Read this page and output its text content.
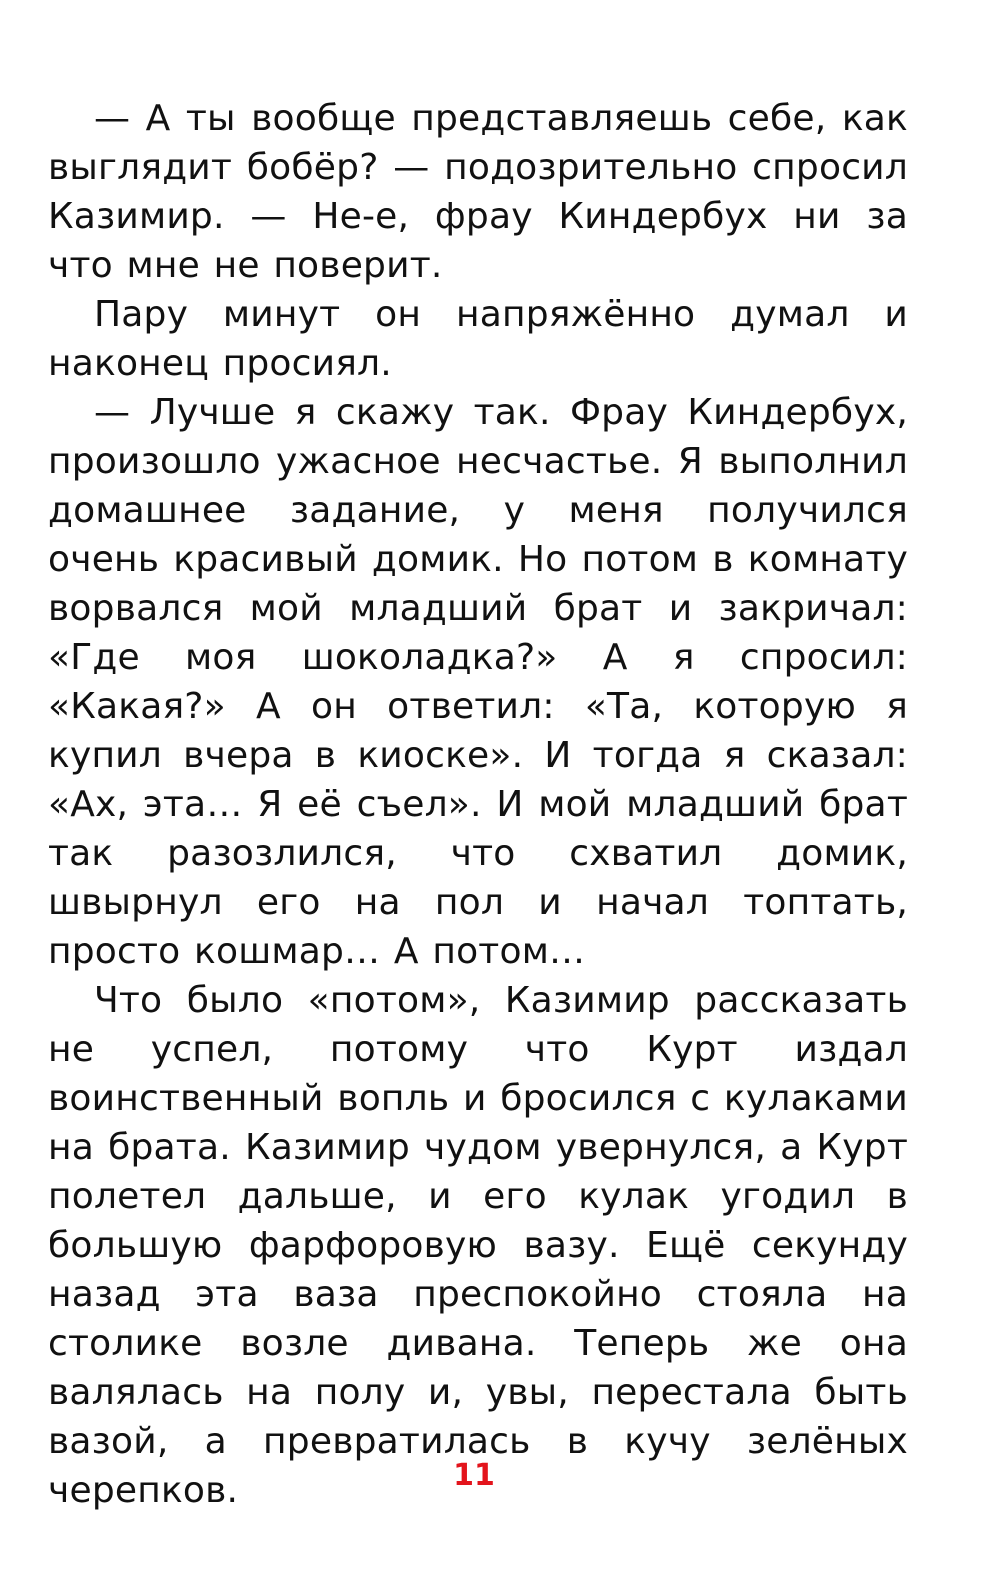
— А ты вообще представляешь себе, как выглядит бобёр? — подозрительно спросил Казимир. — Не-е, фрау Киндербух ни за что мне не поверит.

Пару минут он напряжённо думал и наконец просиял.

— Лучше я скажу так. Фрау Киндербух, произошло ужасное несчастье. Я выполнил домашнее задание, у меня получился очень красивый домик. Но потом в комнату ворвался мой младший брат и закричал: «Где моя шоколадка?» А я спросил: «Какая?» А он ответил: «Та, которую я купил вчера в киоске». И тогда я сказал: «Ах, эта… Я её съел». И мой младший брат так разозлился, что схватил домик, швырнул его на пол и начал топтать, просто кошмар… А потом…

Что было «потом», Казимир рассказать не успел, потому что Курт издал воинственный вопль и бросился с кулаками на брата. Казимир чудом увернулся, а Курт полетел дальше, и его кулак угодил в большую фарфоровую вазу. Ещё секунду назад эта ваза преспокойно стояла на столике возле дивана. Теперь же она валялась на полу и, увы, перестала быть вазой, а превратилась в кучу зелёных черепков.	11
